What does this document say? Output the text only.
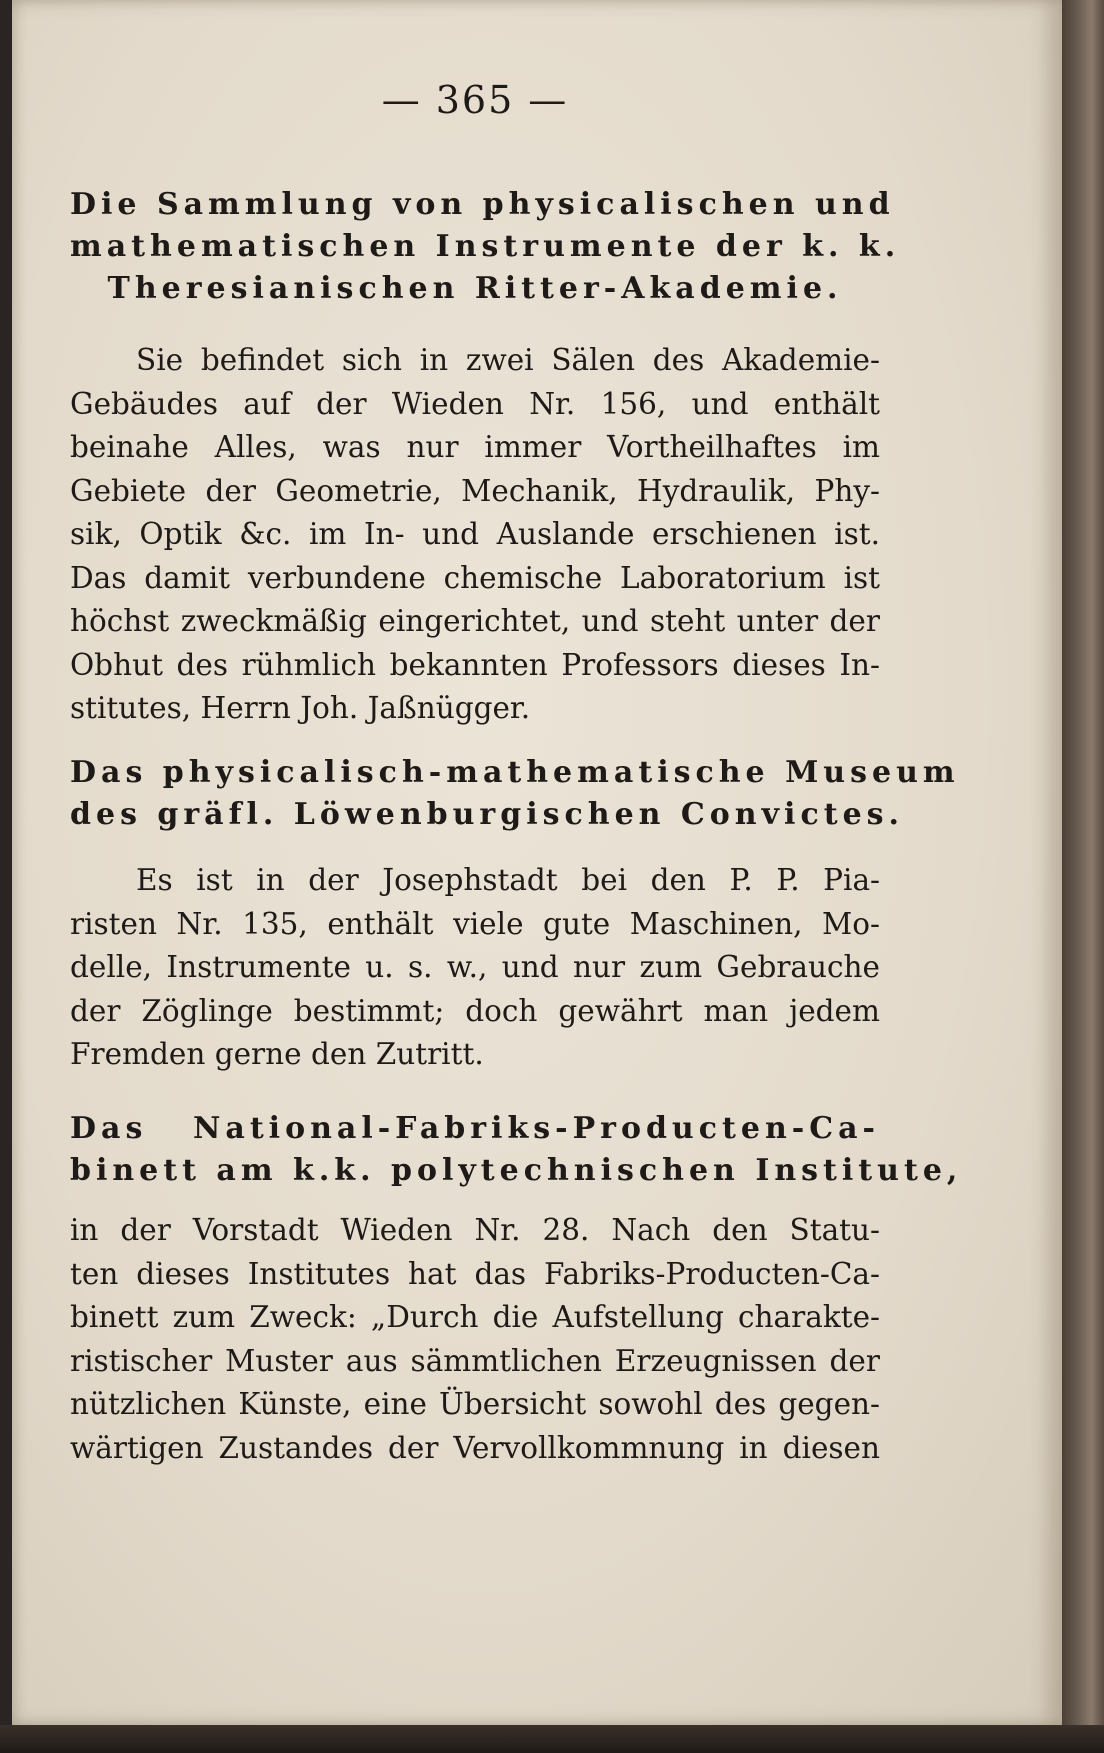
— 365 —
Die Sammlung von physicalischen und
mathematischen Instrumente der k. k.
Theresianischen Ritter-Akademie.
Sie befindet sich in zwei Sälen des Akademie-
Gebäudes auf der Wieden Nr. 156, und enthält
beinahe Alles, was nur immer Vortheilhaftes im
Gebiete der Geometrie, Mechanik, Hydraulik, Phy-
sik, Optik &c. im In- und Auslande erschienen ist.
Das damit verbundene chemische Laboratorium ist
höchst zweckmäßig eingerichtet, und steht unter der
Obhut des rühmlich bekannten Professors dieses In-
stitutes, Herrn Joh. Jaßnügger.
Das physicalisch-mathematische Museum
des gräfl. Löwenburgischen Convictes.
Es ist in der Josephstadt bei den P. P. Pia-
risten Nr. 135, enthält viele gute Maschinen, Mo-
delle, Instrumente u. s. w., und nur zum Gebrauche
der Zöglinge bestimmt; doch gewährt man jedem
Fremden gerne den Zutritt.
Das National-Fabriks-Producten-Ca-
binett am k.k. polytechnischen Institute,
in der Vorstadt Wieden Nr. 28. Nach den Statu-
ten dieses Institutes hat das Fabriks-Producten-Ca-
binett zum Zweck: „Durch die Aufstellung charakte-
ristischer Muster aus sämmtlichen Erzeugnissen der
nützlichen Künste, eine Übersicht sowohl des gegen-
wärtigen Zustandes der Vervollkommnung in diesen
